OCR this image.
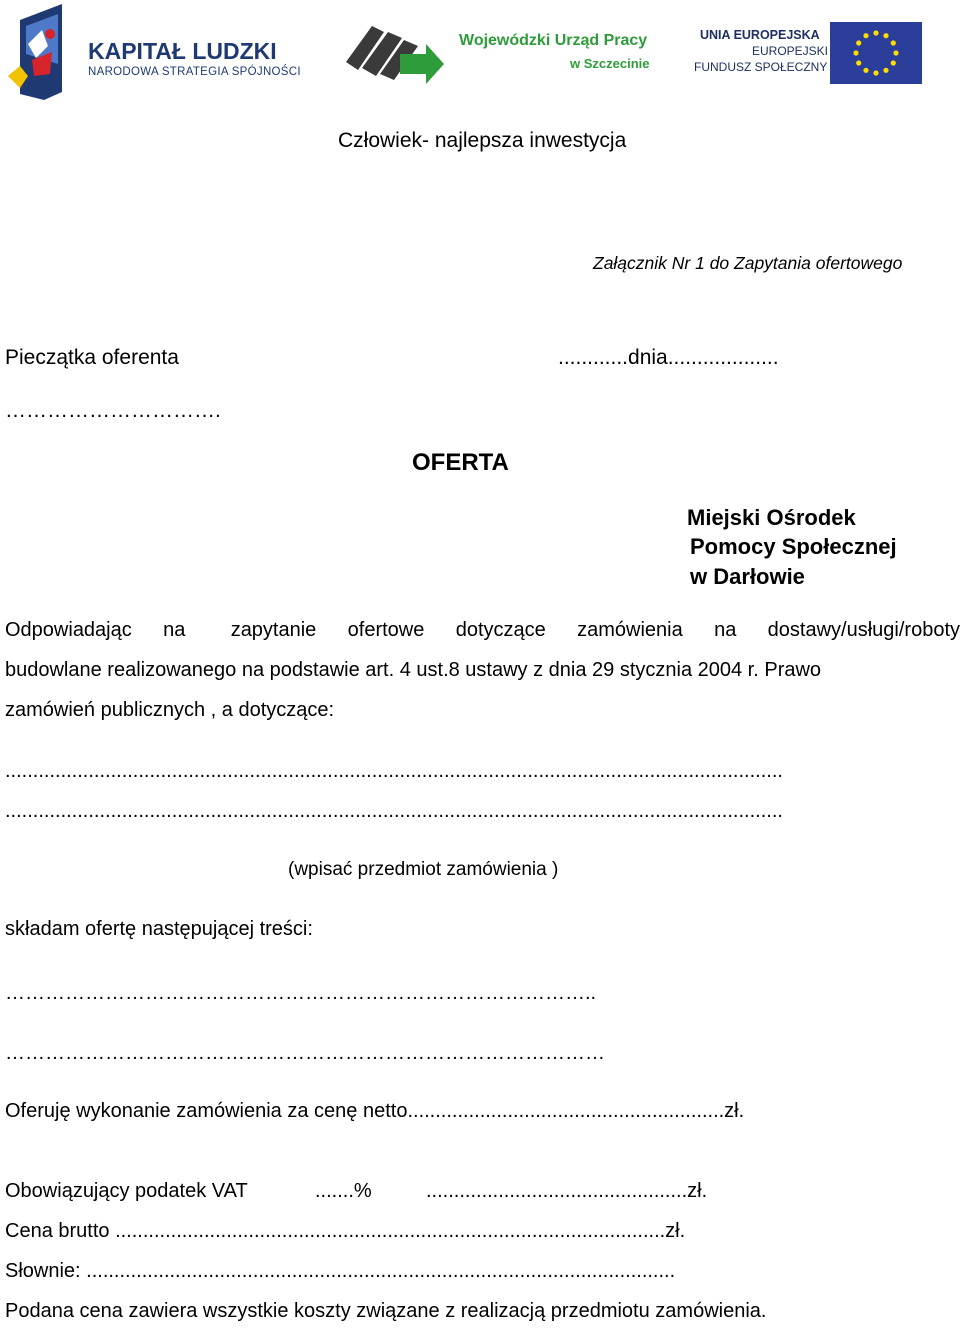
KAPITAŁ LUDZKI
NARODOWA STRATEGIA SPÓJNOŚCI
Wojewódzki Urząd Pracy
w Szczecinie
UNIA EUROPEJSKA
EUROPEJSKI
FUNDUSZ SPOŁECZNY
Człowiek- najlepsza inwestycja
Załącznik Nr 1 do Zapytania ofertowego
Pieczątka oferenta	............dnia...................
………………………….
OFERTA
Miejski Ośrodek
Pomocy Społecznej
w Darłowie
Odpowiadając na zapytanie ofertowe dotyczące zamówienia na dostawy/usługi/roboty
budowlane realizowanego na podstawie art. 4 ust.8 ustawy z dnia 29 stycznia 2004 r. Prawo
zamówień publicznych , a dotyczące:
............................................................................................................................................
............................................................................................................................................
(wpisać przedmiot zamówienia )
składam ofertę następującej treści:
……………………………………………………………………………..
………………………………………………………………………………
Oferuję wykonanie zamówienia za cenę netto.........................................................zł.
Obowiązujący podatek VAT	.......%	...............................................zł.
Cena brutto ...................................................................................................zł.
Słownie: ..........................................................................................................
Podana cena zawiera wszystkie koszty związane z realizacją przedmiotu zamówienia.
